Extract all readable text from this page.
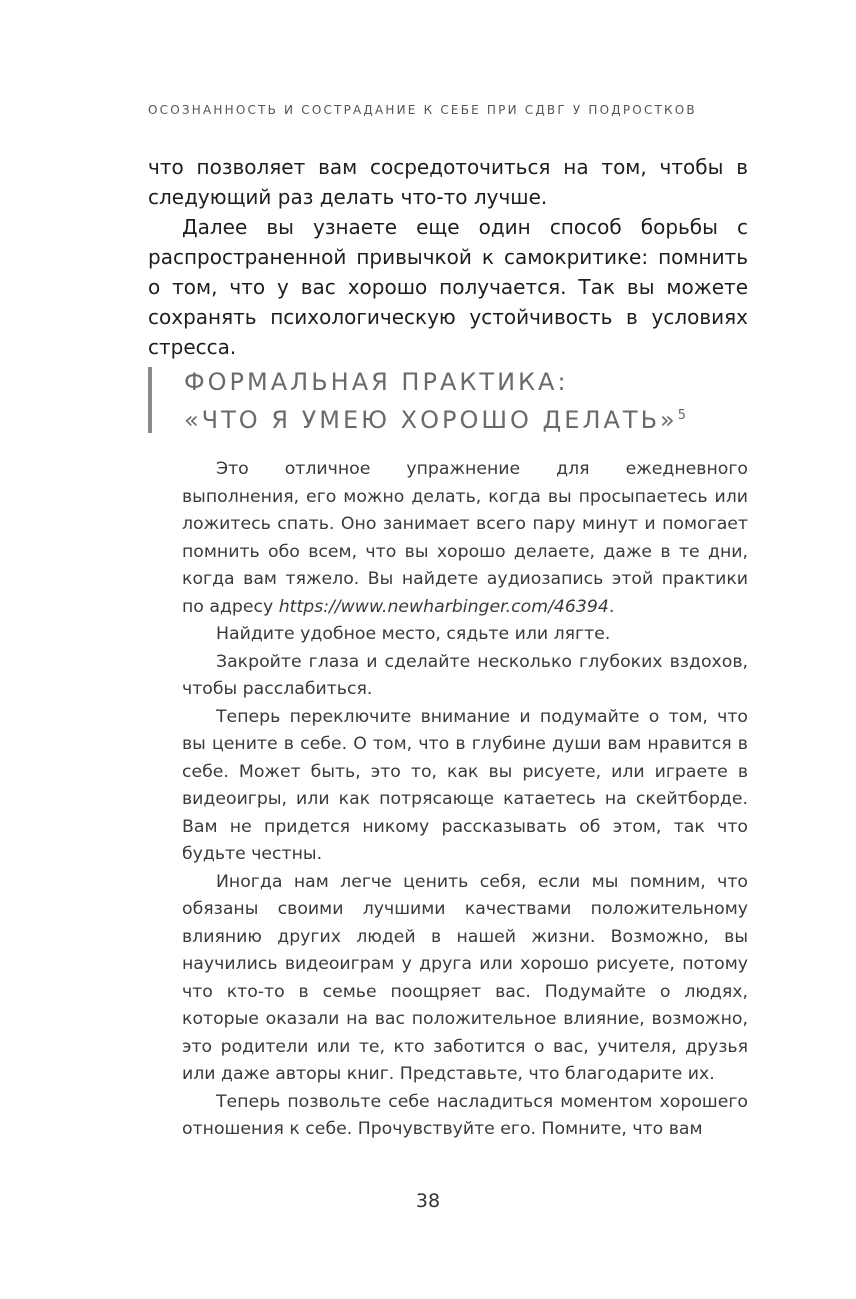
ОСОЗНАННОСТЬ И СОСТРАДАНИЕ К СЕБЕ ПРИ СДВГ У ПОДРОСТКОВ

что позволяет вам сосредоточиться на том, чтобы в следующий раз делать что-то лучше.

Далее вы узнаете еще один способ борьбы с распространенной привычкой к самокритике: помнить о том, что у вас хорошо получается. Так вы можете сохранять психологическую устойчивость в условиях стресса.

ФОРМАЛЬНАЯ ПРАКТИКА:
«ЧТО Я УМЕЮ ХОРОШО ДЕЛАТЬ»$^5$

Это отличное упражнение для ежедневного выполнения, его можно делать, когда вы просыпаетесь или ложитесь спать. Оно занимает всего пару минут и помогает помнить обо всем, что вы хорошо делаете, даже в те дни, когда вам тяжело. Вы найдете аудиозапись этой практики по адресу https://www.newharbinger.com/46394.

Найдите удобное место, сядьте или лягте.

Закройте глаза и сделайте несколько глубоких вздохов, чтобы расслабиться.

Теперь переключите внимание и подумайте о том, что вы цените в себе. О том, что в глубине души вам нравится в себе. Может быть, это то, как вы рисуете, или играете в видеоигры, или как потрясающе катаетесь на скейтборде. Вам не придется никому рассказывать об этом, так что будьте честны.

Иногда нам легче ценить себя, если мы помним, что обязаны своими лучшими качествами положительному влиянию других людей в нашей жизни. Возможно, вы научились видеоиграм у друга или хорошо рисуете, потому что кто-то в семье поощряет вас. Подумайте о людях, которые оказали на вас положительное влияние, возможно, это родители или те, кто заботится о вас, учителя, друзья или даже авторы книг. Представьте, что благодарите их.

Теперь позвольте себе насладиться моментом хорошего отношения к себе. Прочувствуйте его. Помните, что вам

38
